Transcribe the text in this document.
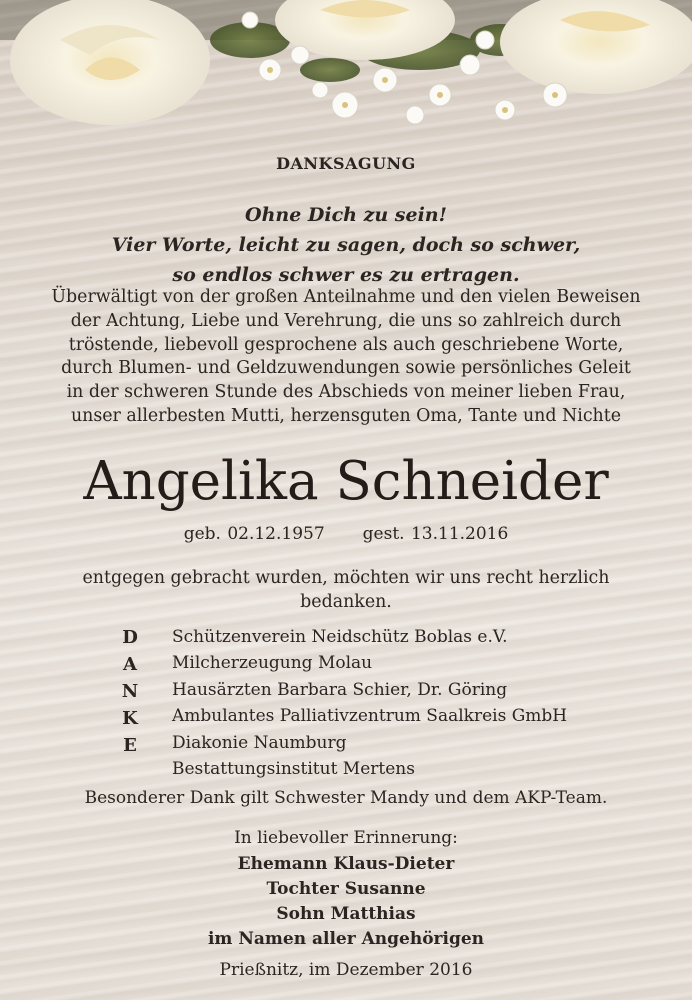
DANKSAGUNG
Ohne Dich zu sein!
Vier Worte, leicht zu sagen, doch so schwer,
so endlos schwer es zu ertragen.
Überwältigt von der großen Anteilnahme und den vielen Beweisen
der Achtung, Liebe und Verehrung, die uns so zahlreich durch
tröstende, liebevoll gesprochene als auch geschriebene Worte,
durch Blumen- und Geldzuwendungen sowie persönliches Geleit
in der schweren Stunde des Abschieds von meiner lieben Frau,
unser allerbesten Mutti, herzensguten Oma, Tante und Nichte
Angelika Schneider
geb. 02.12.1957 gest. 13.11.2016
entgegen gebracht wurden, möchten wir uns recht herzlich
bedanken.
D
A
N
K
E
Schützenverein Neidschütz Boblas e.V.
Milcherzeugung Molau
Hausärzten Barbara Schier, Dr. Göring
Ambulantes Palliativzentrum Saalkreis GmbH
Diakonie Naumburg
Bestattungsinstitut Mertens
Besonderer Dank gilt Schwester Mandy und dem AKP-Team.
In liebevoller Erinnerung:
Ehemann Klaus-Dieter
Tochter Susanne
Sohn Matthias
im Namen aller Angehörigen
Prießnitz, im Dezember 2016
